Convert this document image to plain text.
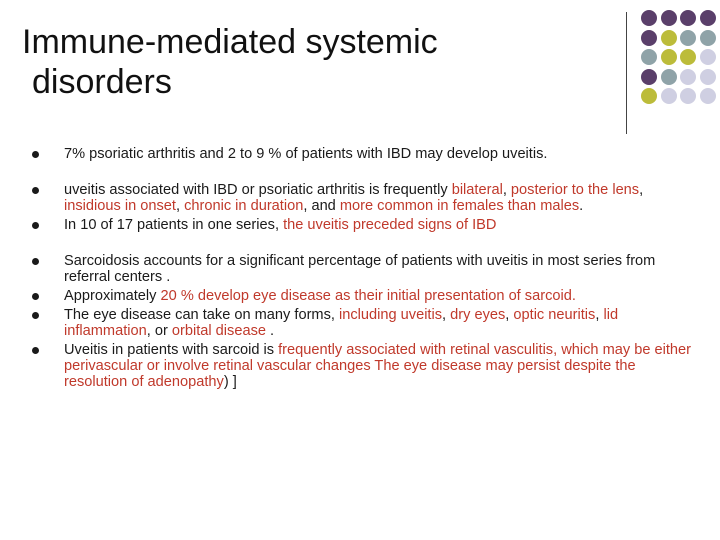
Immune-mediated systemic
disorders
7% psoriatic arthritis and 2 to 9 % of patients with IBD may develop uveitis.
uveitis associated with IBD or psoriatic arthritis is frequently bilateral, posterior to the lens, insidious in onset, chronic in duration, and more common in females than males.
In 10 of 17 patients in one series, the uveitis preceded signs of IBD
Sarcoidosis accounts for a significant percentage of patients with uveitis in most series from referral centers .
Approximately 20 % develop eye disease as their initial presentation of sarcoid.
The eye disease can take on many forms, including uveitis, dry eyes, optic neuritis, lid inflammation, or orbital disease .
Uveitis in patients with sarcoid is frequently associated with retinal vasculitis, which may be either perivascular or involve retinal vascular changes The eye disease may persist despite the resolution of adenopathy) ]
